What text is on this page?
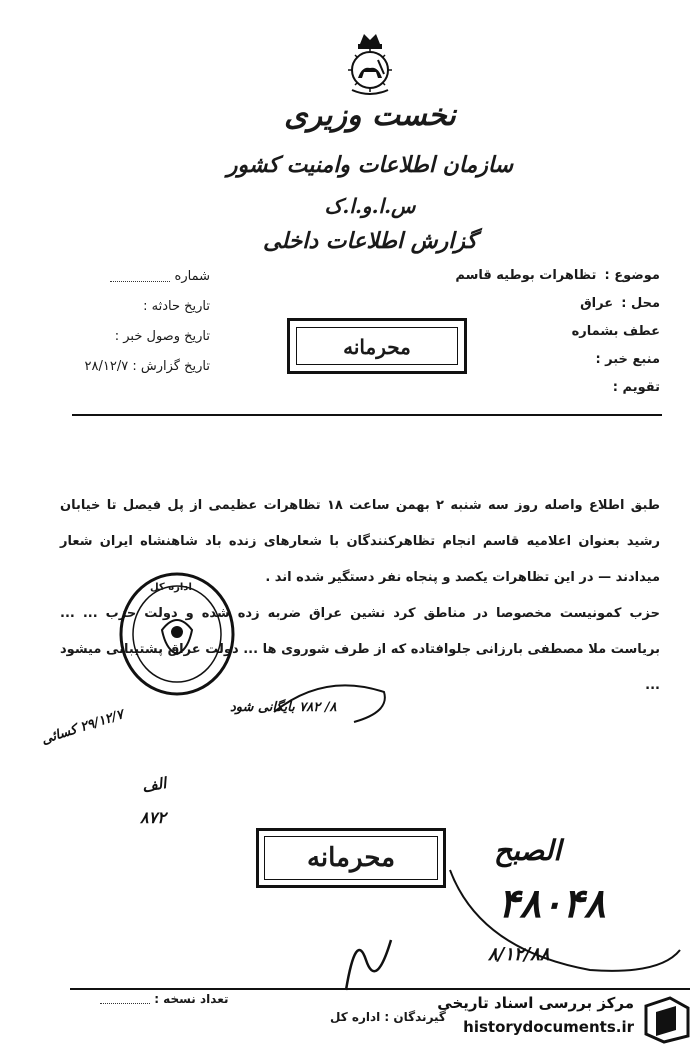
نخست وزیری
سازمان اطلاعات وامنیت کشور
س.ا.و.ا.ک
گزارش اطلاعات داخلی
موضوع : تظاهرات بوطیه قاسم
محل : عراق
عطف بشماره
منبع خبر :
تقویم :
شماره
تاریخ حادثه :
تاریخ وصول خبر :
تاریخ گزارش : ۲۸/۱۲/۷
محرمانه

طبق اطلاع واصله روز سه شنبه ۲ بهمن ساعت ۱۸ تظاهرات عظیمی از پل فیصل تا خیابان رشید بعنوان اعلامیه قاسم انجام تظاهرکنندگان با شعارهای زنده باد شاهنشاه ایران شعار میدادند — در این تظاهرات یکصد و پنجاه نفر دستگیر شده اند .

حزب کمونیست مخصوصا در مناطق کرد نشین عراق ضربه زده شده و دولت حزب ... ... بریاست ملا مصطفی بارزانی جلوافتاده که از طرف شوروی ها ... دولت عراق پشتیبانی میشود ...

اداره کل
۸/ ۷۸۲ بایگانی شود
۲۹/۱۲/۷ کسائی
الف
۸۷۲
محرمانه	الصبح
۴۸۰۴۸
۸/۱۲/۸۸
تعداد نسخه :
گیرندگان : اداره کل
مرکز بررسی اسناد تاریخی
historydocuments.ir
